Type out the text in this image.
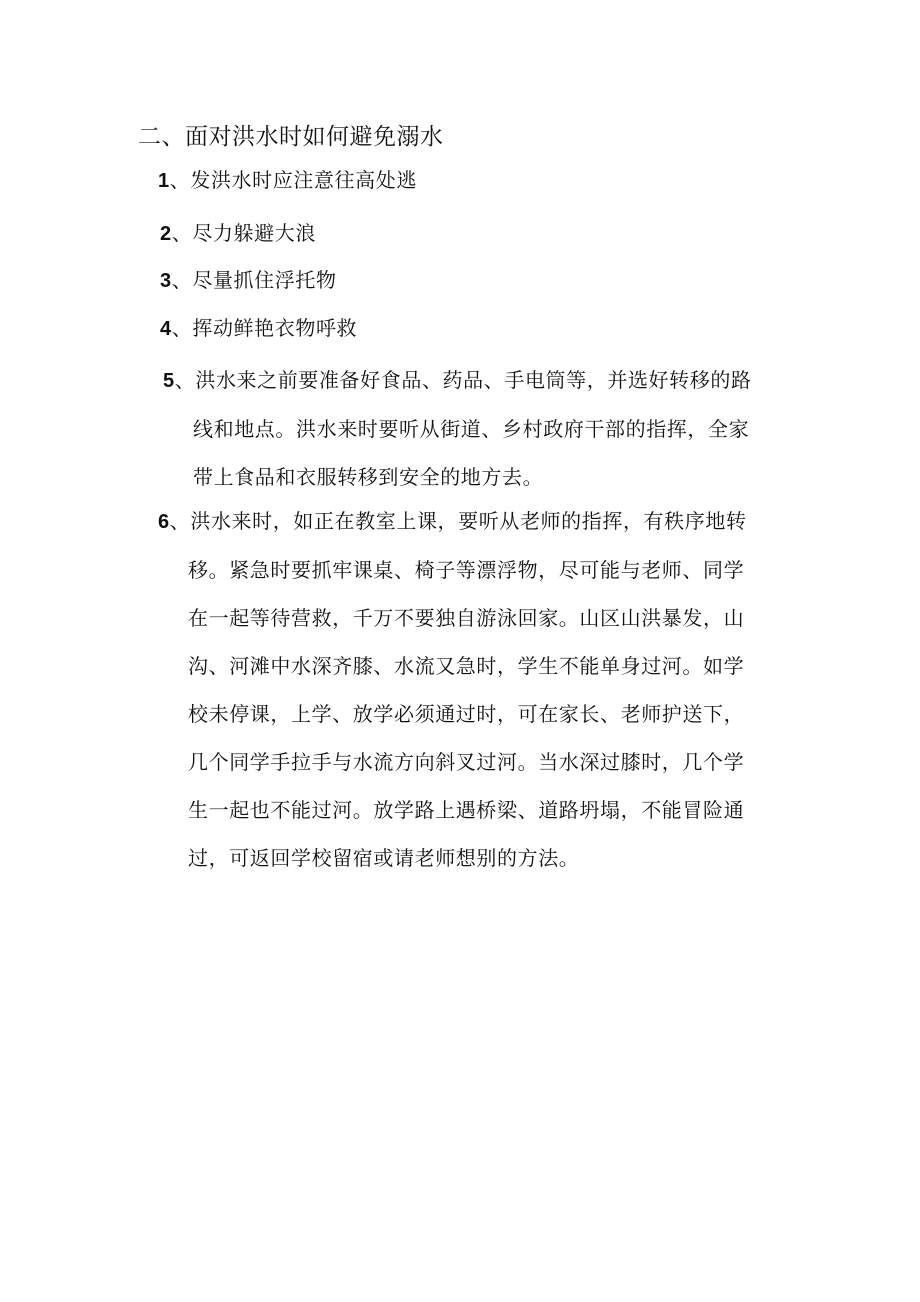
二、面对洪水时如何避免溺水
1、发洪水时应注意往高处逃
2、尽力躲避大浪
3、尽量抓住浮托物
4、挥动鲜艳衣物呼救
5、洪水来之前要准备好食品、药品、手电筒等，并选好转移的路
线和地点。洪水来时要听从街道、乡村政府干部的指挥，全家
带上食品和衣服转移到安全的地方去。
6、洪水来时，如正在教室上课，要听从老师的指挥，有秩序地转
移。紧急时要抓牢课桌、椅子等漂浮物，尽可能与老师、同学
在一起等待营救，千万不要独自游泳回家。山区山洪暴发，山
沟、河滩中水深齐膝、水流又急时，学生不能单身过河。如学
校未停课，上学、放学必须通过时，可在家长、老师护送下，
几个同学手拉手与水流方向斜叉过河。当水深过膝时，几个学
生一起也不能过河。放学路上遇桥梁、道路坍塌，不能冒险通
过，可返回学校留宿或请老师想别的方法。
